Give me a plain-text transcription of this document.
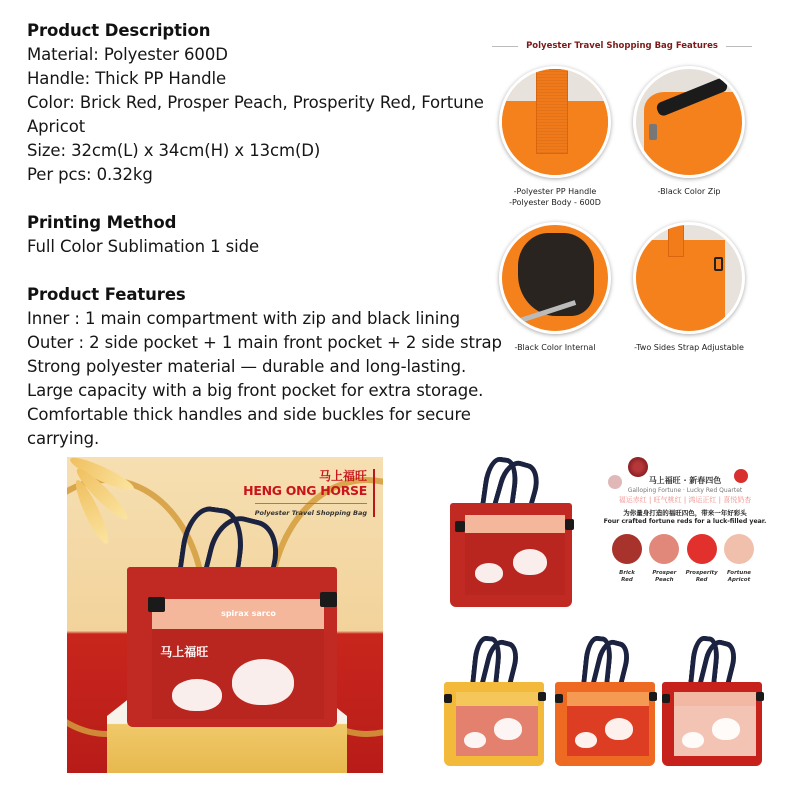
Product Description

Material: Polyester 600D

Handle: Thick PP Handle

Color: Brick Red, Prosper Peach, Prosperity Red, Fortune

Apricot

Size: 32cm(L) x 34cm(H) x 13cm(D)

Per pcs: 0.32kg

Printing Method

Full Color Sublimation 1 side

Product Features

Inner : 1 main compartment with zip and black lining

Outer : 2 side pocket + 1 main front pocket + 2 side strap

Strong polyester material — durable and long-lasting.

Large capacity with a big front pocket for extra storage.

Comfortable thick handles and side buckles for secure

carrying.

Polyester Travel Shopping Bag Features
-Polyester PP Handle
-Polyester Body - 600D
-Black Color Zip
-Black Color Internal	-Two Sides Strap Adjustable
马上福旺
HENG ONG HORSE
Polyester Travel Shopping Bag
spirax sarco
马上福旺
马上福旺 · 新春四色
Galloping Fortune · Lucky Red Quartet
福运赤红 | 旺气桃红 | 鸿运正红 | 喜悦奶杏
为你量身打造的福旺四色，带来一年好彩头
Four crafted fortune reds for a luck-filled year.
Brick
Red
Prosper
Peach
Prosperity
Red
Fortune
Apricot
